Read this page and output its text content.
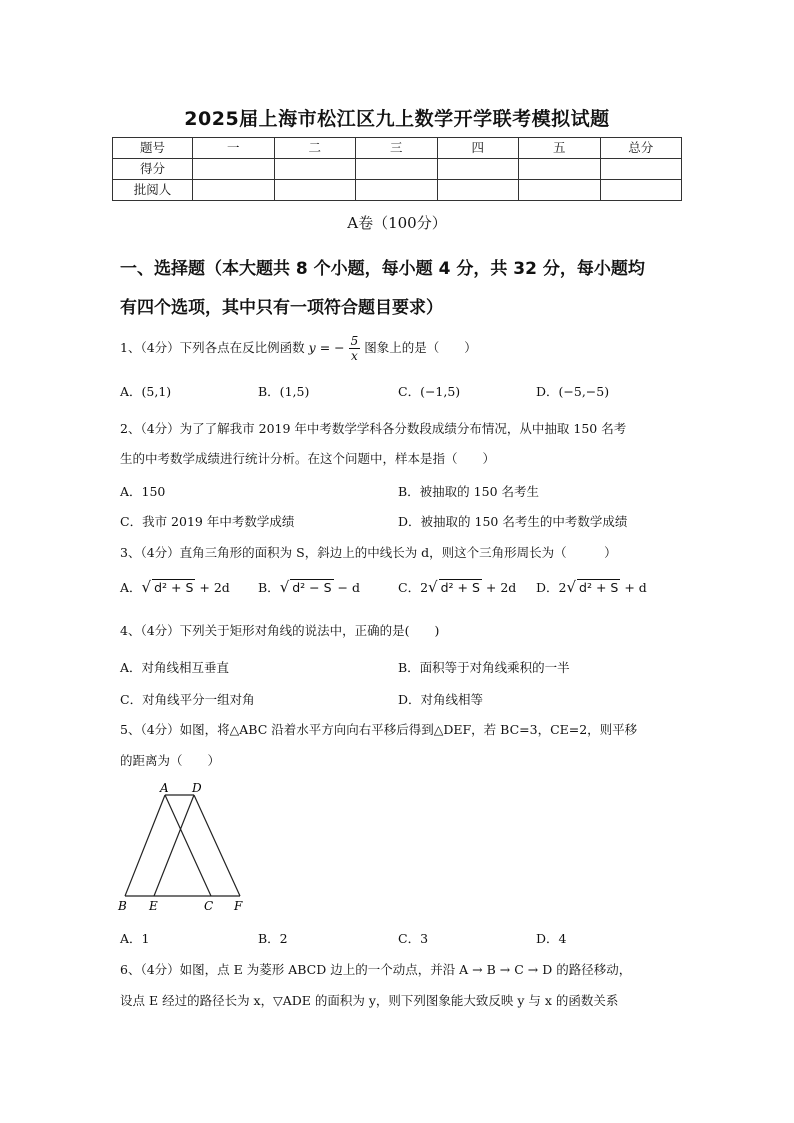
2025届上海市松江区九上数学开学联考模拟试题
题号	一	二	三	四	五	总分
得分						
批阅人						
A卷（100分）
一、选择题（本大题共 8 个小题，每小题 4 分，共 32 分，每小题均
有四个选项，其中只有一项符合题目要求）
1、（4分）下列各点在反比例函数 y = − $\frac{5}{x}$ 图象上的是（　　）
A．(5,1)	B．(1,5)	C．(−1,5)	D．(−5,−5)
2、（4分）为了了解我市 2019 年中考数学学科各分数段成绩分布情况，从中抽取 150 名考
生的中考数学成绩进行统计分析。在这个问题中，样本是指（　　）
A．150	B．被抽取的 150 名考生
C．我市 2019 年中考数学成绩	D．被抽取的 150 名考生的中考数学成绩
3、（4分）直角三角形的面积为 S，斜边上的中线长为 d，则这个三角形周长为（　　　）
A．√ d² + S + 2d B．√ d² − S − d	C．2√ d² + S + 2d D．2√ d² + S + d
4、（4分）下列关于矩形对角线的说法中，正确的是(　　)
A．对角线相互垂直	B．面积等于对角线乘积的一半
C．对角线平分一组对角	D．对角线相等
5、（4分）如图，将△ABC 沿着水平方向向右平移后得到△DEF，若 BC=3，CE=2，则平移
的距离为（　　）
A D
B E	C F
A．1	B．2	C．3	D．4
6、（4分）如图，点 E 为菱形 ABCD 边上的一个动点，并沿 A → B → C → D 的路径移动，
设点 E 经过的路径长为 x，▽ADE 的面积为 y，则下列图象能大致反映 y 与 x 的函数关系
